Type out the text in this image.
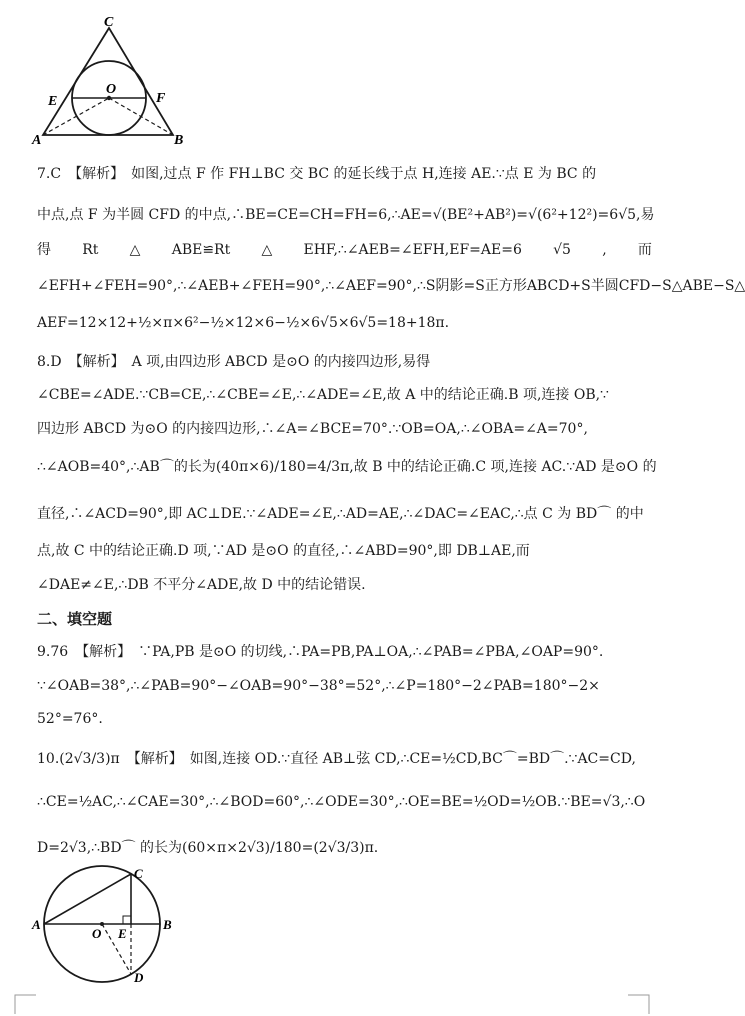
C
E
O
F
A	B
7.C　【解析】　如图,过点 F 作 FH⊥BC 交 BC 的延长线于点 H,连接 AE.∵点 E 为 BC 的
中点,点 F 为半圆 CFD 的中点,∴BE=CE=CH=FH=6,∴AE=√(BE²+AB²)=√(6²+12²)=6√5,易
得 Rt △ ABE≌Rt △ EHF,∴∠AEB=∠EFH,EF=AE=6 √5 , 而
∠EFH+∠FEH=90°,∴∠AEB+∠FEH=90°,∴∠AEF=90°,∴S阴影=S正方形ABCD+S半圆CFD−S△ABE−S△
AEF=12×12+½×π×6²−½×12×6−½×6√5×6√5=18+18π.
8.D　【解析】　A 项,由四边形 ABCD 是⊙O 的内接四边形,易得
∠CBE=∠ADE.∵CB=CE,∴∠CBE=∠E,∴∠ADE=∠E,故 A 中的结论正确.B 项,连接 OB,∵
四边形 ABCD 为⊙O 的内接四边形,∴∠A=∠BCE=70°.∵OB=OA,∴∠OBA=∠A=70°,
∴∠AOB=40°,∴AB⌒的长为(40π×6)/180=4/3π,故 B 中的结论正确.C 项,连接 AC.∵AD 是⊙O 的
直径,∴∠ACD=90°,即 AC⊥DE.∵∠ADE=∠E,∴AD=AE,∴∠DAC=∠EAC,∴点 C 为 BD⌒ 的中
点,故 C 中的结论正确.D 项,∵AD 是⊙O 的直径,∴∠ABD=90°,即 DB⊥AE,而
∠DAE≠∠E,∴DB 不平分∠ADE,故 D 中的结论错误.
二、填空题
9.76　【解析】　∵PA,PB 是⊙O 的切线,∴PA=PB,PA⊥OA,∴∠PAB=∠PBA,∠OAP=90°.
∵∠OAB=38°,∴∠PAB=90°−∠OAB=90°−38°=52°,∴∠P=180°−2∠PAB=180°−2×
52°=76°.
10.(2√3/3)π　【解析】　如图,连接 OD.∵直径 AB⊥弦 CD,∴CE=½CD,BC⌒=BD⌒.∵AC=CD,
∴CE=½AC,∴∠CAE=30°,∴∠BOD=60°,∴∠ODE=30°,∴OE=BE=½OD=½OB.∵BE=√3,∴O
D=2√3,∴BD⌒ 的长为(60×π×2√3)/180=(2√3/3)π.
C
A	B
O E
D
